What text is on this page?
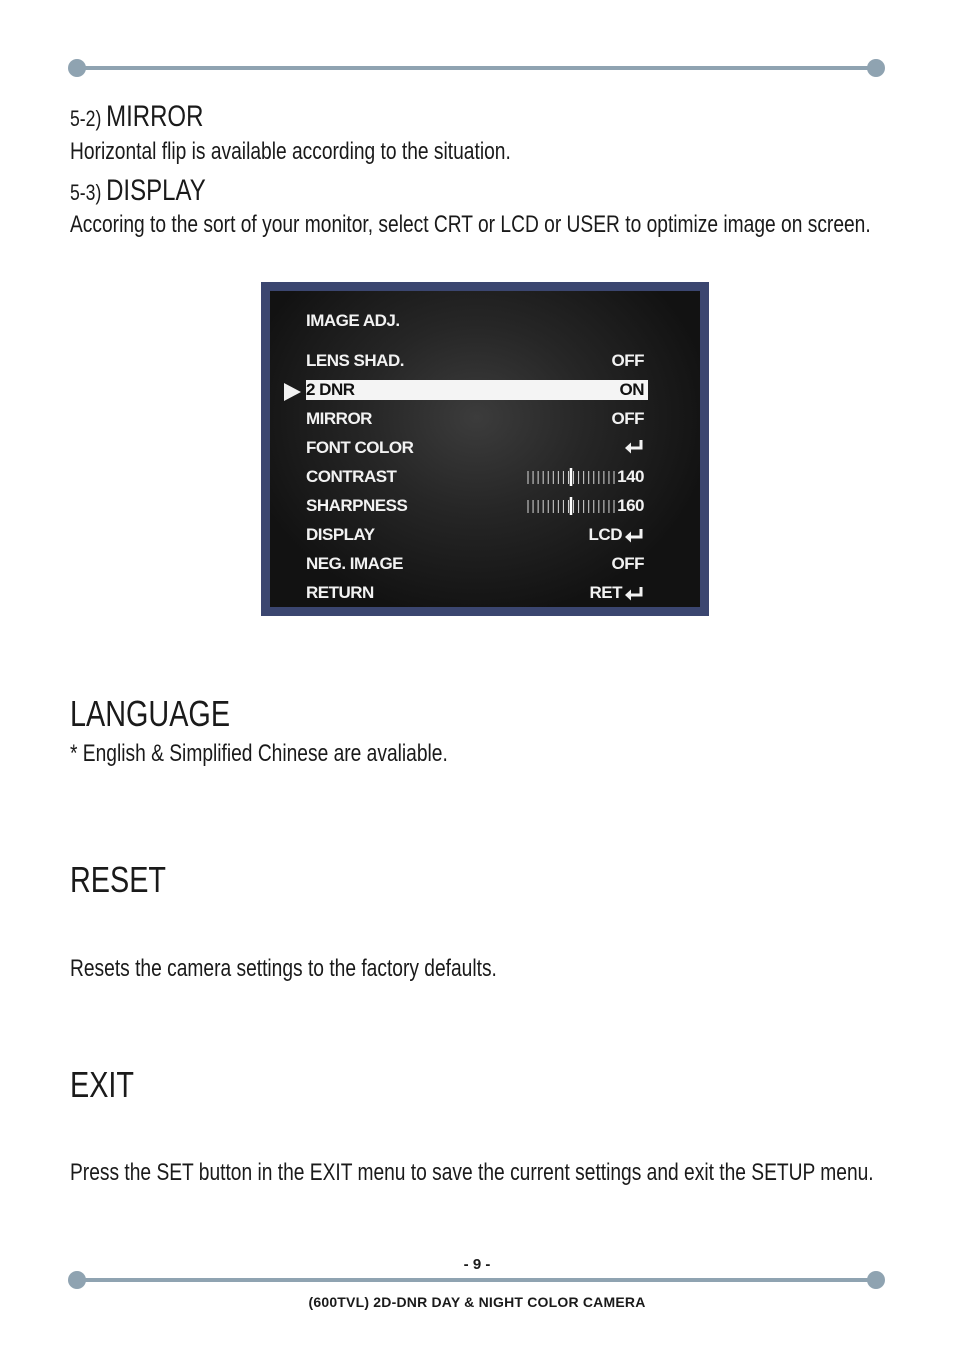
5-2) MIRROR
Horizontal flip is available according to the situation.
5-3) DISPLAY
Accoring to the sort of your monitor, select CRT or LCD or USER to optimize image on screen.
IMAGE ADJ.
LENS SHAD.	OFF
2 DNR	ON
MIRROR	OFF
FONT COLOR
CONTRAST	140
SHARPNESS	160
DISPLAY	LCD
NEG. IMAGE	OFF
RETURN	RET
LANGUAGE
* English & Simplified Chinese are avaliable.
RESET
Resets the camera settings to the factory defaults.
EXIT
Press the SET button in the EXIT menu to save the current settings and exit the SETUP menu.
- 9 -
(600TVL) 2D-DNR DAY & NIGHT COLOR CAMERA
